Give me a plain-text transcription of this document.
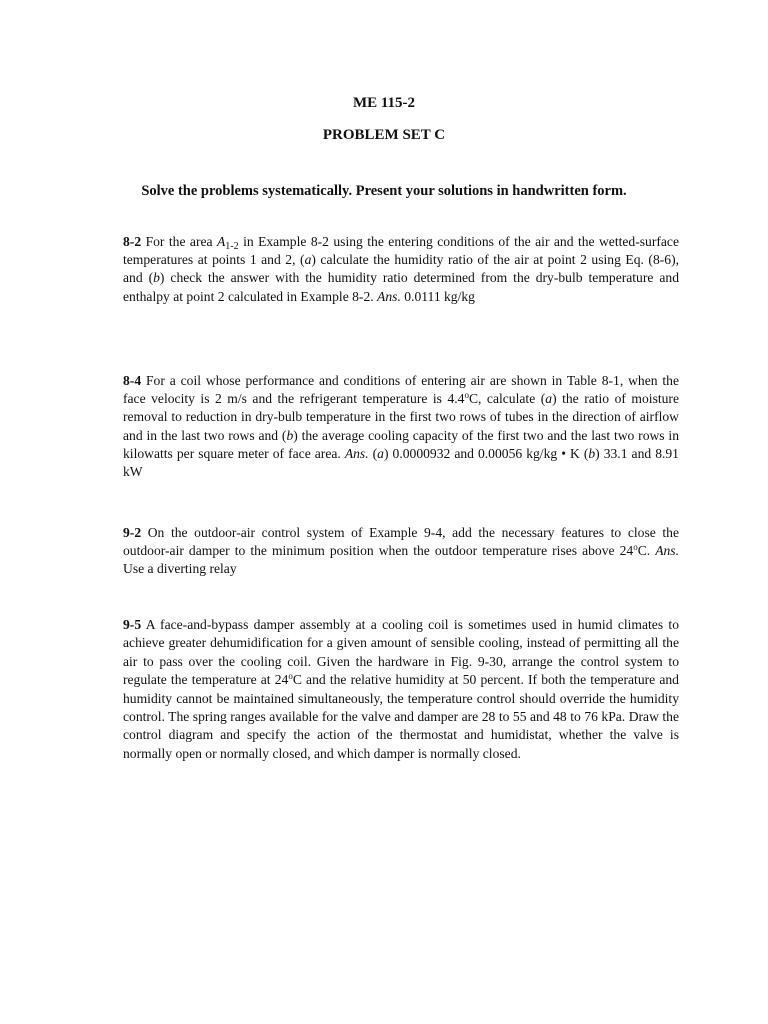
ME 115-2
PROBLEM SET C
Solve the problems systematically. Present your solutions in handwritten form.
8-2 For the area $A_{1-2}$ in Example 8-2 using the entering conditions of the air and the wetted-surface temperatures at points 1 and 2, (a) calculate the humidity ratio of the air at point 2 using Eq. (8-6), and (b) check the answer with the humidity ratio determined from the dry-bulb temperature and enthalpy at point 2 calculated in Example 8-2. Ans. 0.0111 kg/kg
8-4 For a coil whose performance and conditions of entering air are shown in Table 8-1, when the face velocity is 2 m/s and the refrigerant temperature is 4.4$^o$C, calculate (a) the ratio of moisture removal to reduction in dry-bulb temperature in the first two rows of tubes in the direction of airflow and in the last two rows and (b) the average cooling capacity of the first two and the last two rows in kilowatts per square meter of face area. Ans. (a) 0.0000932 and 0.00056 kg/kg • K (b) 33.1 and 8.91 kW
9-2 On the outdoor-air control system of Example 9-4, add the necessary features to close the outdoor-air damper to the minimum position when the outdoor temperature rises above 24$^o$C. Ans. Use a diverting relay
9-5 A face-and-bypass damper assembly at a cooling coil is sometimes used in humid climates to achieve greater dehumidification for a given amount of sensible cooling, instead of permitting all the air to pass over the cooling coil. Given the hardware in Fig. 9-30, arrange the control system to regulate the temperature at 24$^o$C and the relative humidity at 50 percent. If both the temperature and humidity cannot be maintained simultaneously, the temperature control should override the humidity control. The spring ranges available for the valve and damper are 28 to 55 and 48 to 76 kPa. Draw the control diagram and specify the action of the thermostat and humidistat, whether the valve is normally open or normally closed, and which damper is normally closed.
